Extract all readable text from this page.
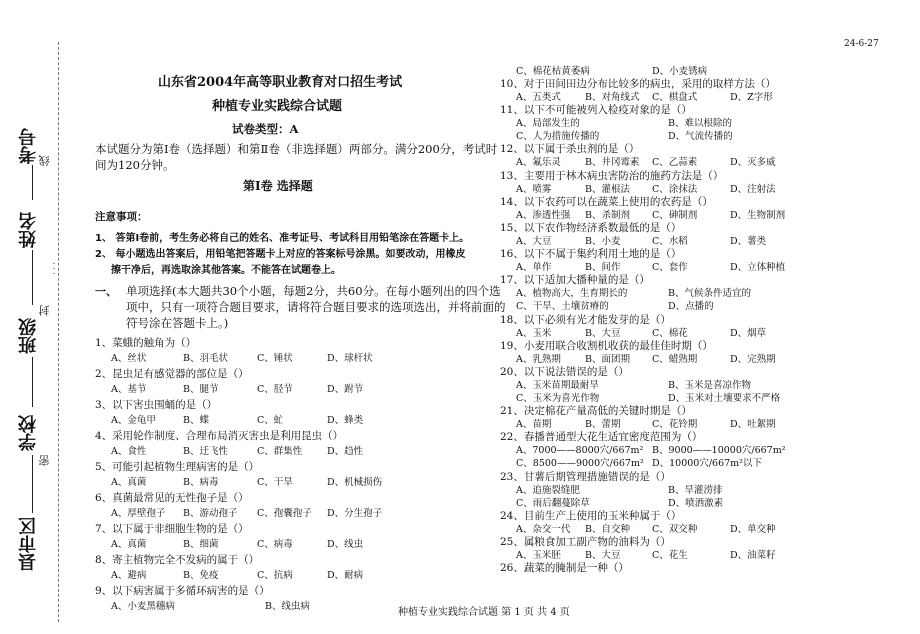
24-6-27
考号
姓名
班级
学校
县市区
线
封
密
· · ·
山东省2004年高等职业教育对口招生考试
种植专业实践综合试题
试卷类型：A
本试题分为第Ⅰ卷（选择题）和第Ⅱ卷（非选择题）两部分。满分200分，考试时
间为120分钟。
第Ⅰ卷 选择题
注意事项：
1、 答第Ⅰ卷前，考生务必将自己的姓名、准考证号、考试科目用铅笔涂在答题卡上。
2、 每小题选出答案后，用铅笔把答题卡上对应的答案标号涂黑。如要改动，用橡皮
擦干净后，再选取涂其他答案。不能答在试题卷上。
一、 单项选择(本大题共30个小题，每题2分，共60分。在每小题列出的四个选
项中，只有一项符合题目要求，请将符合题目要求的选项选出，并将前面的
符号涂在答题卡上。)
1、菜蛾的触角为（）
A、丝状	B、羽毛状	C、锤状	D、球杆状
2、昆虫足有感觉器的部位是（）
A、基节	B、腿节	C、胫节	D、跗节
3、以下害虫围蛹的是（）
A、金龟甲	B、蝶	C、虻	D、蜂类
4、采用轮作制度、合理布局消灭害虫是利用昆虫（）
A、食性	B、迁飞性	C、群集性	D、趋性
5、可能引起植物生理病害的是（）
A、真菌	B、病毒	C、干旱	D、机械损伤
6、真菌最常见的无性孢子是（）
A、厚壁孢子 B、游动孢子 C、孢囊孢子 D、分生孢子
7、以下属于非细胞生物的是（）
A、真菌	B、细菌	C、病毒	D、线虫
8、寄主植物完全不发病的属于（）
A、避病	B、免疫	C、抗病	D、耐病
9、以下病害属于多循环病害的是（）
A、小麦黑穗病	B、线虫病
C、棉花枯黄萎病	D、小麦锈病
10、对于田间田边分布比较多的病虫，采用的取样方法（）
A、五类式	B、对角线式 C、棋盘式	D、Z字形
11、以下不可能被列入检疫对象的是（）
A、局部发生的	B、难以根除的
C、人为措施传播的	D、气流传播的
12、以下属于杀虫剂的是（）
A、氟乐灵	B、井冈霉素 C、乙蒜素	D、灭多威
13、主要用于林木病虫害防治的施药方法是（）
A、喷雾	B、灌根法 C、涂抹法	D、注射法
14、以下农药可以在蔬菜上使用的农药是（）
A、渗透性强 B、杀制剂 C、砷制剂	D、生物制剂
15、以下农作物经济系数最低的是（）
A、大豆	B、小麦	C、水稻	D、薯类
16、以下不属于集约利用土地的是（）
A、单作	B、间作	C、套作	D、立体种植
17、以下适加大播种量的是（）
A、植物高大，生育期长的	B、气候条件适宜的
C、干旱、土壤贫瘠的	D、点播的
18、以下必须有光才能发芽的是（）
A、玉米	B、大豆	C、棉花	D、烟草
19、小麦用联合收割机收获的最佳佳时期（）
A、乳熟期	B、面团期 C、蜡熟期	D、完熟期
20、以下说法错误的是（）
A、玉米苗期最耐旱	B、玉米是喜凉作物
C、玉米为喜光作物	D、玉米对土壤要求不严格
21、决定棉花产量高低的关键时期是（）
A、苗期	B、蕾期	C、花铃期	D、吐絮期
22、春播普通型大花生适宜密度范围为（）
A、7000——8000穴/667m² B、9000——10000穴/667m²
C、8500——9000穴/667m² D、10000穴/667m²以下
23、甘薯后期管理措施错误的是（）
A、追施裂缝肥	B、旱灌涝排
C、雨后翻蔓除草	D、喷洒激素
24、目前生产上使用的玉米种属于（）
A、杂交一代 B、自交种 C、双交种	D、单交种
25、属粮食加工副产物的油料为（）
A、玉米胚	B、大豆	C、花生	D、油菜籽
26、蔬菜的腌制是一种（）
种植专业实践综合试题 第 1 页 共 4 页
